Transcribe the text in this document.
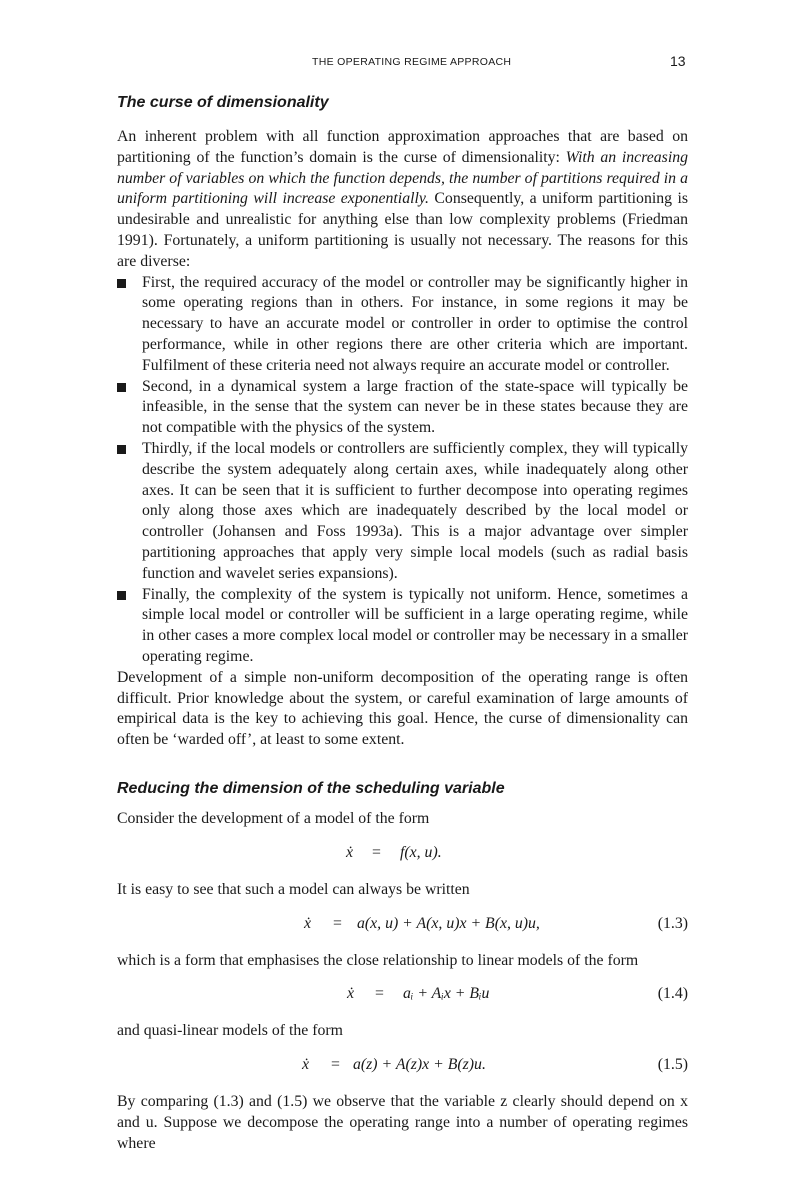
THE OPERATING REGIME APPROACH	13
The curse of dimensionality

An inherent problem with all function approximation approaches that are based on partitioning of the function’s domain is the curse of dimensionality: With an increasing number of variables on which the function depends, the number of partitions required in a uniform partitioning will increase exponentially. Consequently, a uniform partitioning is undesirable and unrealistic for anything else than low complexity problems (Friedman 1991). Fortunately, a uniform partitioning is usually not necessary. The reasons for this are diverse:

First, the required accuracy of the model or controller may be significantly higher in some operating regions than in others. For instance, in some regions it may be necessary to have an accurate model or controller in order to optimise the control performance, while in other regions there are other criteria which are important. Fulfilment of these criteria need not always require an accurate model or controller.
Second, in a dynamical system a large fraction of the state-space will typically be infeasible, in the sense that the system can never be in these states because they are not compatible with the physics of the system.
Thirdly, if the local models or controllers are sufficiently complex, they will typically describe the system adequately along certain axes, while inadequately along other axes. It can be seen that it is sufficient to further decompose into operating regimes only along those axes which are inadequately described by the local model or controller (Johansen and Foss 1993a). This is a major advantage over simpler partitioning approaches that apply very simple local models (such as radial basis function and wavelet series expansions).
Finally, the complexity of the system is typically not uniform. Hence, sometimes a simple local model or controller will be sufficient in a large operating regime, while in other cases a more complex local model or controller may be necessary in a smaller operating regime.

Development of a simple non-uniform decomposition of the operating range is often difficult. Prior knowledge about the system, or careful examination of large amounts of empirical data is the key to achieving this goal. Hence, the curse of dimensionality can often be ‘warded off’, at least to some extent.

Reducing the dimension of the scheduling variable

Consider the development of a model of the form

ẋ = f(x, u).

It is easy to see that such a model can always be written

ẋ = a(x, u) + A(x, u)x + B(x, u)u,	(1.3)

which is a form that emphasises the close relationship to linear models of the form

ẋ = aᵢ + Aᵢx + Bᵢu	(1.4)

and quasi-linear models of the form

ẋ = a(z) + A(z)x + B(z)u.	(1.5)

By comparing (1.3) and (1.5) we observe that the variable z clearly should depend on x and u. Suppose we decompose the operating range into a number of operating regimes where
